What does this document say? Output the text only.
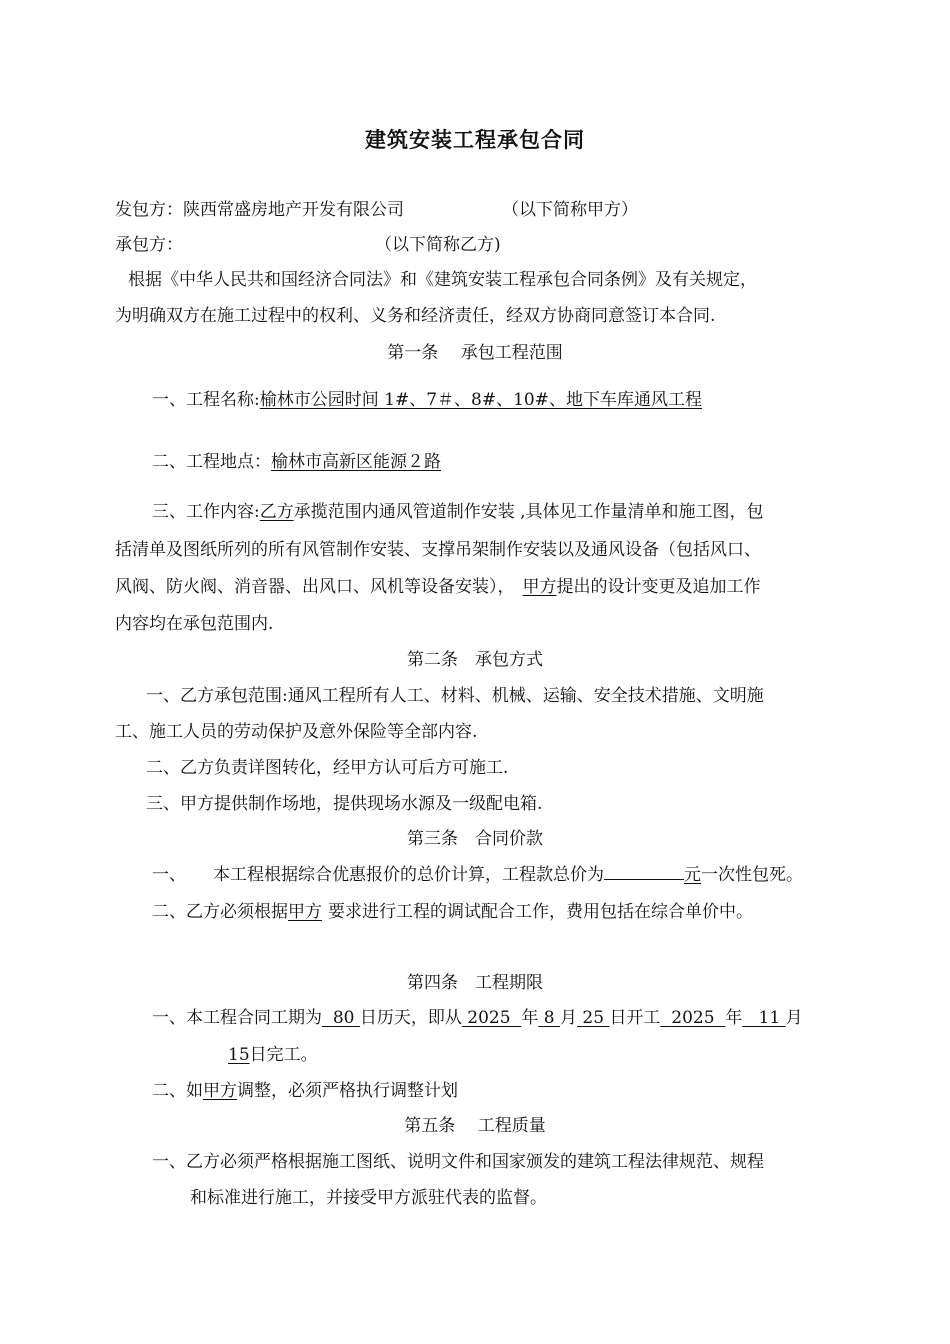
建筑安装工程承包合同
发包方：陕西常盛房地产开发有限公司	（以下简称甲方）
承包方：	（以下简称乙方)
根据《中华人民共和国经济合同法》和《建筑安装工程承包合同条例》及有关规定，
为明确双方在施工过程中的权利、义务和经济责任，经双方协商同意签订本合同.
第一条　 承包工程范围
一、工程名称:榆林市公园时间 1#、7＃、8#、10#、地下车库通风工程
二、工程地点：榆林市高新区能源２路
三、工作内容:乙方承揽范围内通风管道制作安装 ,具体见工作量清单和施工图，包
括清单及图纸所列的所有风管制作安装、支撑吊架制作安装以及通风设备（包括风口、
风阀、防火阀、消音器、出风口、风机等设备安装）， 甲方提出的设计变更及追加工作
内容均在承包范围内.
第二条　承包方式
一、乙方承包范围:通风工程所有人工、材料、机械、运输、安全技术措施、文明施
工、施工人员的劳动保护及意外保险等全部内容.
二、乙方负责详图转化，经甲方认可后方可施工.
三、甲方提供制作场地，提供现场水源及一级配电箱.
第三条　合同价款
一、 本工程根据综合优惠报价的总价计算，工程款总价为	元一次性包死。
二、乙方必须根据甲方 要求进行工程的调试配合工作，费用包括在综合单价中。
第四条　工程期限
一、本工程合同工期为 80 日历天，即从 2025 年 8 月 25 日开工 2025 年 11 月
15日完工。
二、如甲方调整，必须严格执行调整计划
第五条　 工程质量
一、乙方必须严格根据施工图纸、说明文件和国家颁发的建筑工程法律规范、规程
和标准进行施工，并接受甲方派驻代表的监督。
